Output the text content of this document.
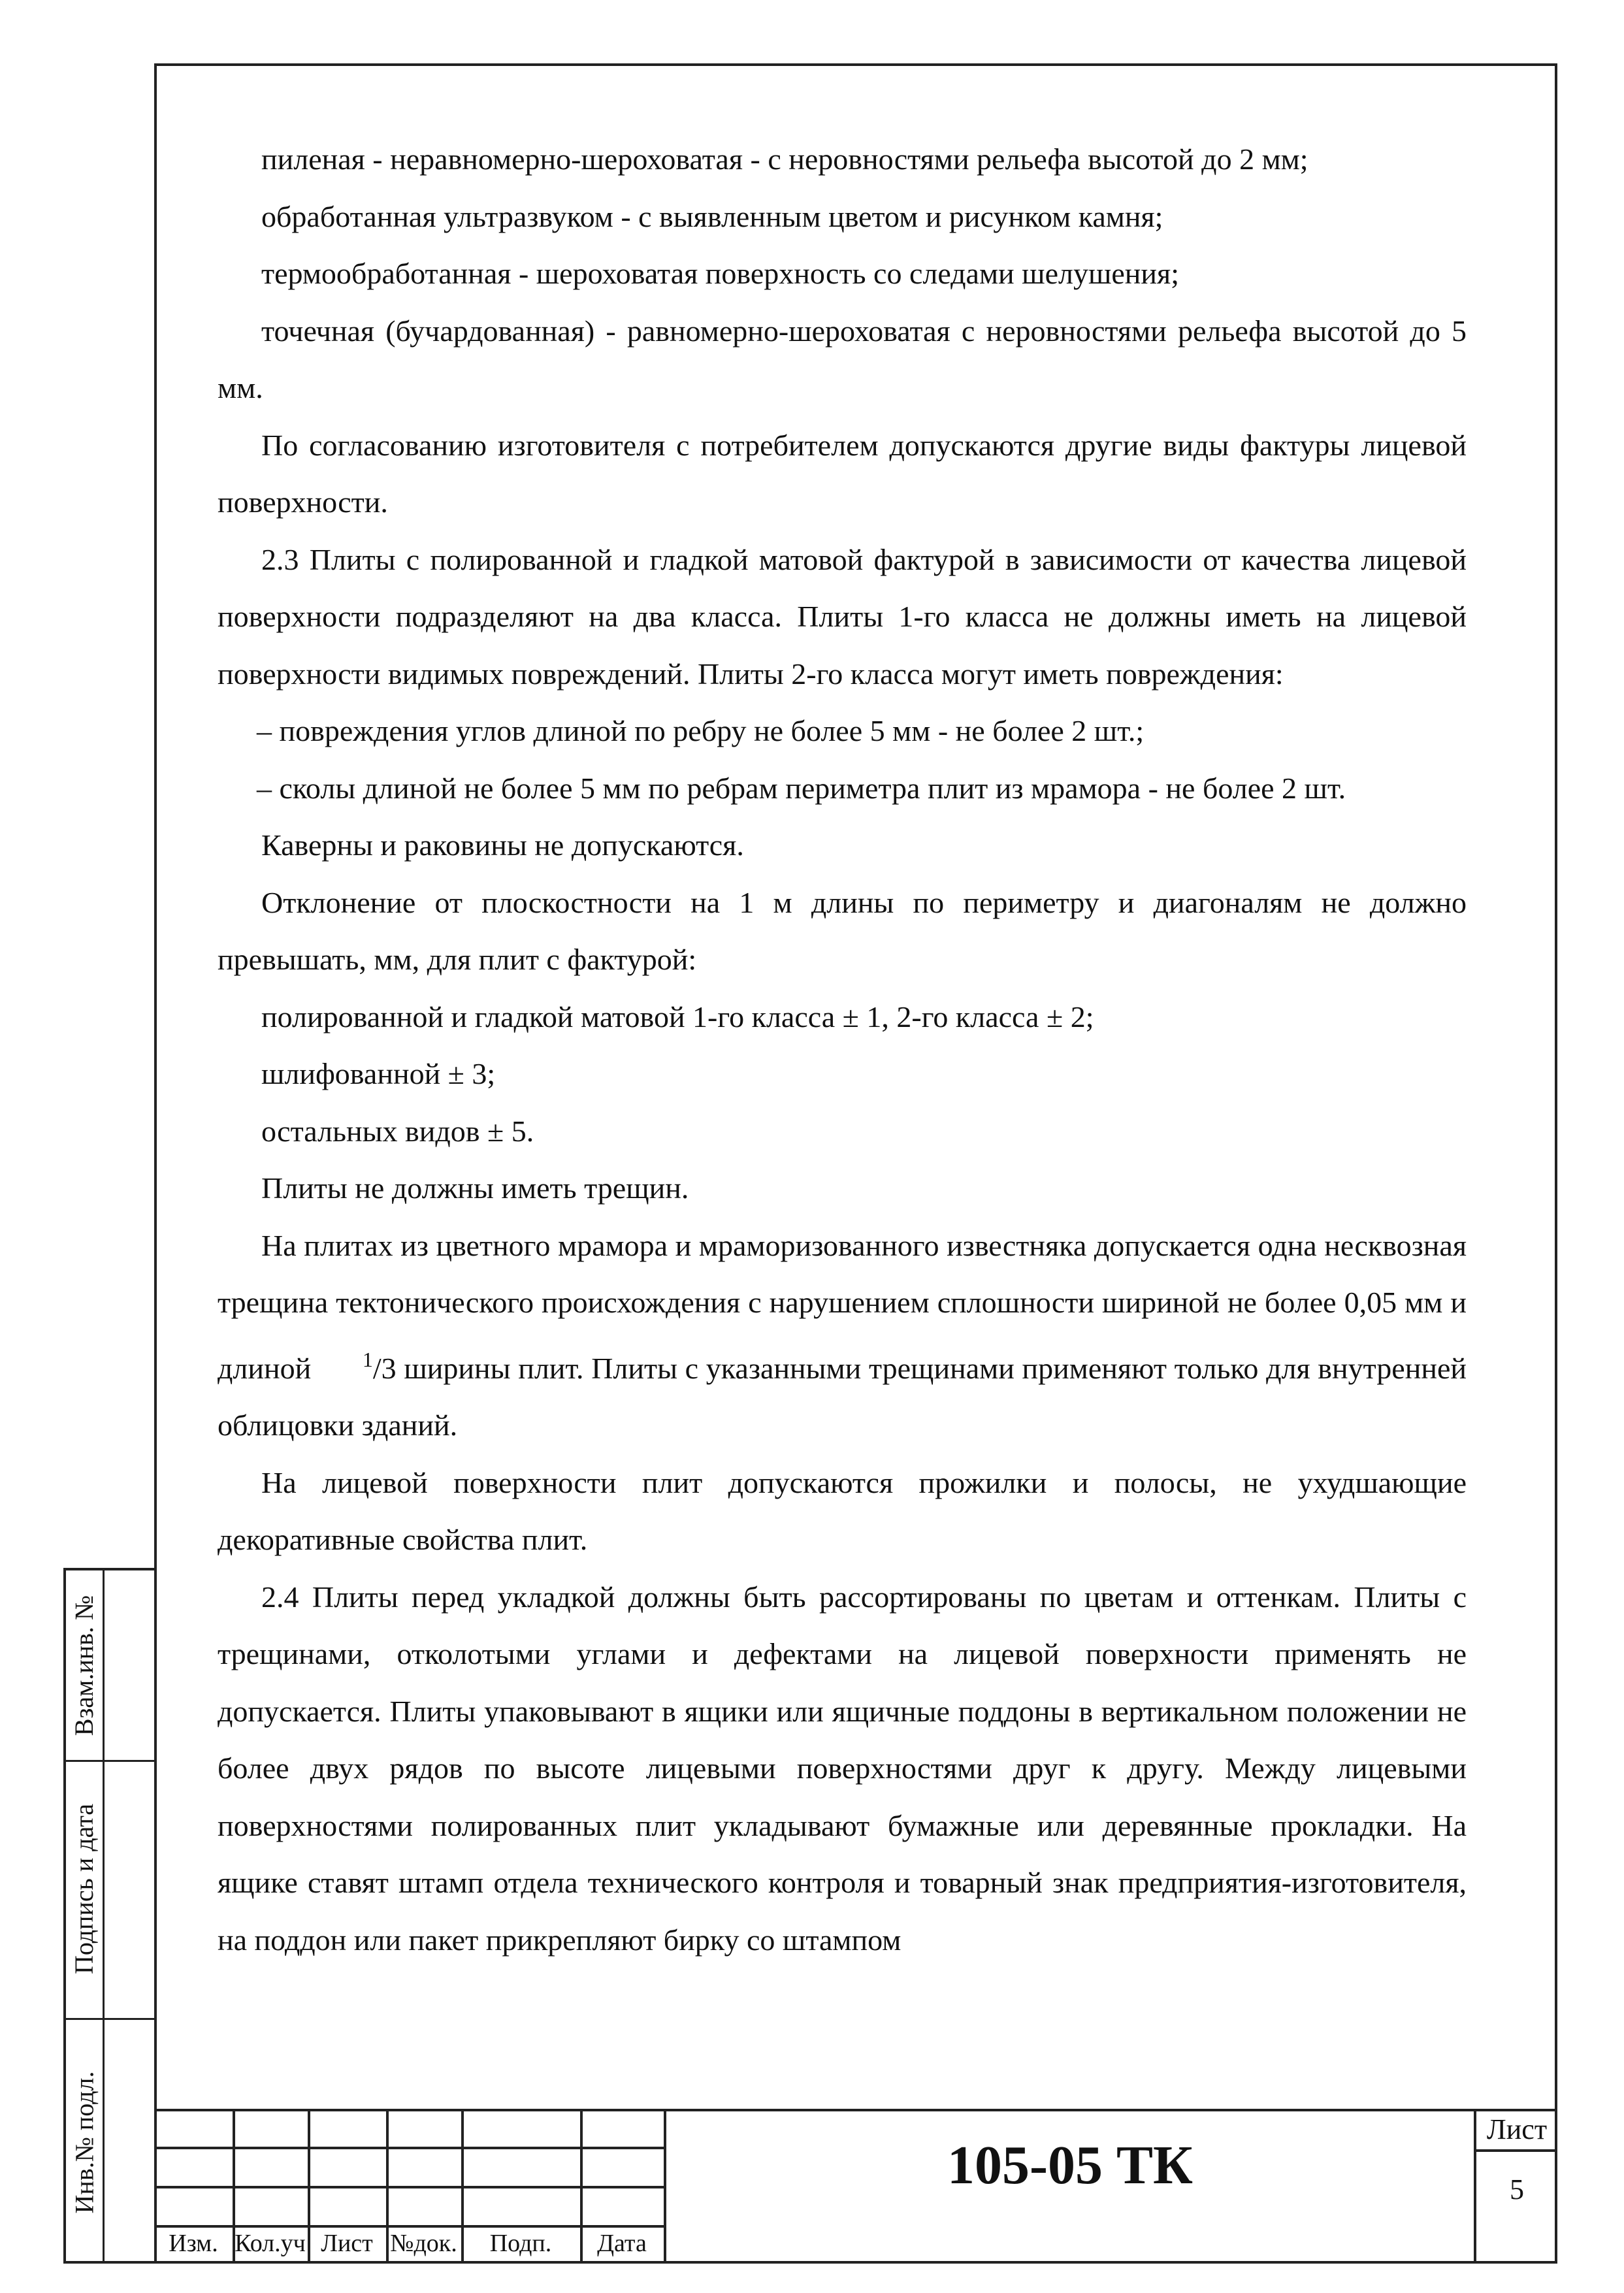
Взам.инв. №
Подпись и дата
Инв.№ подл.

пиленая - неравномерно-шероховатая - с неровностями рельефа высотой до 2 мм;

обработанная ультразвуком - с выявленным цветом и рисунком камня;

термообработанная - шероховатая поверхность со следами шелушения;

точечная (бучардованная) - равномерно-шероховатая с неровностями рельефа высотой до 5 мм.

По согласованию изготовителя с потребителем допускаются другие виды фактуры лицевой поверхности.

2.3 Плиты с полированной и гладкой матовой фактурой в зависимости от качества лицевой поверхности подразделяют на два класса. Плиты 1-го класса не должны иметь на лицевой поверхности видимых повреждений. Плиты 2-го класса могут иметь повреждения:

– повреждения углов длиной по ребру не более 5 мм - не более 2 шт.;

– сколы длиной не более 5 мм по ребрам периметра плит из мрамора - не более 2 шт.

Каверны и раковины не допускаются.

Отклонение от плоскостности на 1 м длины по периметру и диагоналям не должно превышать, мм, для плит с фактурой:

полированной и гладкой матовой 1-го класса ± 1, 2-го класса ± 2;

шлифованной ± 3;

остальных видов ± 5.

Плиты не должны иметь трещин.

На плитах из цветного мрамора и мраморизованного известняка допускается одна несквозная трещина тектонического происхождения с нарушением сплошности шириной не более 0,05 мм и длиной $^1$/3 ширины плит. Плиты с указанными трещинами применяют только для внутренней облицовки зданий.

На лицевой поверхности плит допускаются прожилки и полосы, не ухудшающие декоративные свойства плит.

2.4 Плиты перед укладкой должны быть рассортированы по цветам и оттенкам. Плиты с трещинами, отколотыми углами и дефектами на лицевой поверхности применять не допускается. Плиты упаковывают в ящики или ящичные поддоны в вертикальном положении не более двух рядов по высоте лицевыми поверхностями друг к другу. Между лицевыми поверхностями полированных плит укладывают бумажные или деревянные прокладки. На ящике ставят штамп отдела технического контроля и товарный знак предприятия-изготовителя, на поддон или пакет прикрепляют бирку со штампом

Изм. Кол.уч Лист №док.	Подп.	Дата
105-05 ТК
Лист
5
